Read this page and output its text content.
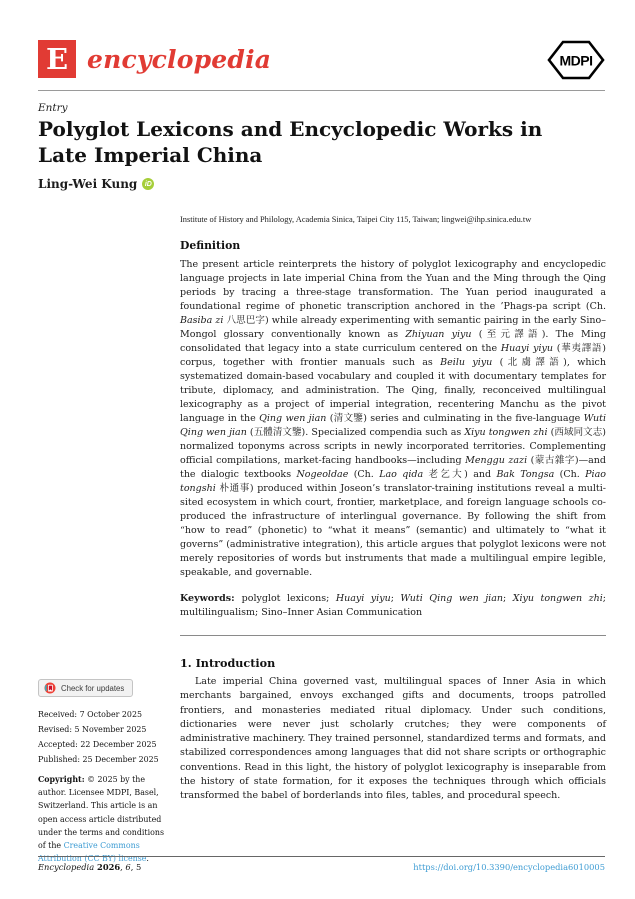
E encyclopedia	MDPI
Entry
Polyglot Lexicons and Encyclopedic Works in Late Imperial China
Ling-Wei Kung iD
Institute of History and Philology, Academia Sinica, Taipei City 115, Taiwan; lingwei@ihp.sinica.edu.tw
Definition

The present article reinterprets the history of polyglot lexicography and encyclopedic language projects in late imperial China from the Yuan and the Ming through the Qing periods by tracing a three-stage transformation. The Yuan period inaugurated a foundational regime of phonetic transcription anchored in the ’Phags-pa script (Ch. Basiba zi 八思巴字) while already experimenting with semantic pairing in the early Sino–Mongol glossary conventionally known as Zhiyuan yiyu (至元譯語). The Ming consolidated that legacy into a state curriculum centered on the Huayi yiyu (華夷譯語) corpus, together with frontier manuals such as Beilu yiyu (北虜譯語), which systematized domain-based vocabulary and coupled it with documentary templates for tribute, diplomacy, and administration. The Qing, finally, reconceived multilingual lexicography as a project of imperial integration, recentering Manchu as the pivot language in the Qing wen jian (清文鑒) series and culminating in the five-language Wuti Qing wen jian (五體清文鑒). Specialized compendia such as Xiyu tongwen zhi (西域同文志) normalized toponyms across scripts in newly incorporated territories. Complementing official compilations, market-facing handbooks—including Menggu zazi (蒙古雜字)—and the dialogic textbooks Nogeoldae (Ch. Lao qida 老乞大) and Bak Tongsa (Ch. Piao tongshi 朴通事) produced within Joseon’s translator-training institutions reveal a multi-sited ecosystem in which court, frontier, marketplace, and foreign language schools co-produced the infrastructure of interlingual governance. By following the shift from “how to read” (phonetic) to “what it means” (semantic) and ultimately to “what it governs” (administrative integration), this article argues that polyglot lexicons were not merely repositories of words but instruments that made a multilingual empire legible, speakable, and governable.

Keywords: polyglot lexicons; Huayi yiyu; Wuti Qing wen jian; Xiyu tongwen zhi; multilingualism; Sino–Inner Asian Communication

1. Introduction

Late imperial China governed vast, multilingual spaces of Inner Asia in which merchants bargained, envoys exchanged gifts and documents, troops patrolled frontiers, and monasteries mediated ritual diplomacy. Under such conditions, dictionaries were never just scholarly crutches; they were components of administrative machinery. They trained personnel, standardized terms and formats, and stabilized correspondences among languages that did not share scripts or orthographic conventions. Read in this light, the history of polyglot lexicography is inseparable from the history of state formation, for it exposes the techniques through which officials transformed the babel of borderlands into files, tables, and procedural speech.

Check for updates
Received: 7 October 2025
Revised: 5 November 2025
Accepted: 22 December 2025
Published: 25 December 2025
Copyright: © 2025 by the author. Licensee MDPI, Basel, Switzerland. This article is an open access article distributed under the terms and conditions of the Creative Commons Attribution (CC BY) license.
Encyclopedia 2026, 6, 5	https://doi.org/10.3390/encyclopedia6010005
